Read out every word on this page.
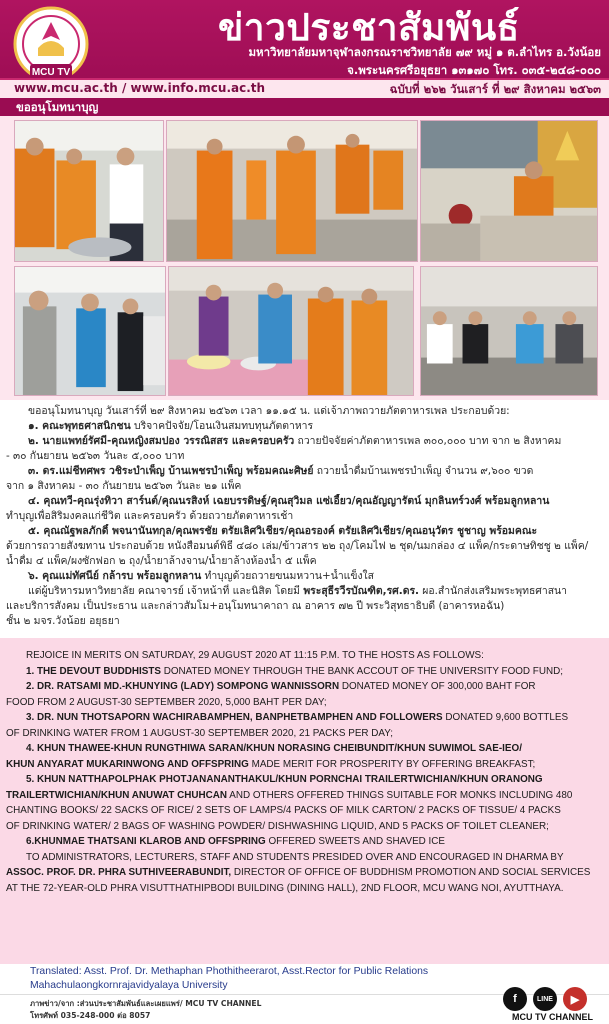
MCU TV
ข่าวประชาสัมพันธ์
มหาวิทยาลัยมหาจุฬาลงกรณราชวิทยาลัย ๗๙ หมู่ ๑ ต.ลำไทร อ.วังน้อย
จ.พระนครศรีอยุธยา ๑๓๑๗๐ โทร. ๐๓๕-๒๔๘-๐๐๐
www.mcu.ac.th / www.info.mcu.ac.th	ฉบับที่ ๒๖๒ วันเสาร์ ที่ ๒๙ สิงหาคม ๒๕๖๓
ขออนุโมทนาบุญ

ขออนุโมทนาบุญ วันเสาร์ที่ ๒๙ สิงหาคม ๒๕๖๓ เวลา ๑๑.๑๕ น. แด่เจ้าภาพถวายภัตตาหารเพล ประกอบด้วย:

๑. คณะพุทธศาสนิกชน บริจาคปัจจัย/โอนเงินสมทบทุนภัตตาหาร

๒. นายแพทย์รัศมี-คุณหญิงสมปอง วรรณิสสร และครอบครัว ถวายปัจจัยค่าภัตตาหารเพล ๓๐๐,๐๐๐ บาท จาก ๒ สิงหาคม

- ๓๐ กันยายน ๒๕๖๓ วันละ ๕,๐๐๐ บาท

๓. ดร.แม่ชีทศพร วชิระบำเพ็ญ บ้านเพชรบำเพ็ญ พร้อมคณะศิษย์ ถวายน้ำดื่มบ้านเพชรบำเพ็ญ จำนวน ๙,๖๐๐ ขวด

จาก ๑ สิงหาคม - ๓๐ กันยายน ๒๕๖๓ วันละ ๒๑ แพ็ค

๔. คุณทวี-คุณรุ่งทิวา สาร์นต์/คุณนรสิงห์ เฉยบรรดิษฐ์/คุณสุวิมล แซ่เอี้ยว/คุณอัญญารัตน์ มุกลินทร์วงศ์ พร้อมลูกหลาน

ทำบุญเพื่อสิริมงคลแก่ชีวิต และครอบครัว ด้วยถวายภัตตาหารเช้า

๕. คุณณัฐพลภักดิ์ พจนานันทกุล/คุณพรชัย ตรัยเลิศวิเชียร/คุณอรองค์ ตรัยเลิศวิเชียร/คุณอนุวัตร ชูชาญ พร้อมคณะ

ด้วยการถวายสังฆทาน ประกอบด้วย หนังสือมนต์พิธี ๔๘๐ เล่ม/ข้าวสาร ๒๒ ถุง/โคมไฟ ๒ ชุด/นมกล่อง ๔ แพ็ค/กระดาษทิชชู ๒ แพ็ค/

น้ำดื่ม ๔ แพ็ค/ผงซักฟอก ๒ ถุง/น้ำยาล้างจาน/น้ำยาล้างห้องน้ำ ๕ แพ็ค

๖. คุณแม่ทัศนีย์ กล้ารบ พร้อมลูกหลาน ทำบุญด้วยถวายขนมหวาน+น้ำแข็งใส

แด่ผู้บริหารมหาวิทยาลัย คณาจารย์ เจ้าหน้าที่ และนิสิต โดยมี พระสุธีรวีรบัณฑิต,รศ.ดร. ผอ.สำนักส่งเสริมพระพุทธศาสนา

และบริการสังคม เป็นประธาน และกล่าวสัมโม+อนุโมทนาคาถา ณ อาคาร ๗๒ ปี พระวิสุทธาธิบดี (อาคารหอฉัน)

ชั้น ๒ มจร.วังน้อย อยุธยา

REJOICE IN MERITS ON SATURDAY, 29 AUGUST 2020 AT 11:15 P.M. TO THE HOSTS AS FOLLOWS:

1. THE DEVOUT BUDDHISTS DONATED MONEY THROUGH THE BANK ACCOUT OF THE UNIVERSITY FOOD FUND;

2. DR. RATSAMI MD.-KHUNYING (LADY) SOMPONG WANNISSORN DONATED MONEY OF 300,000 BAHT FOR

FOOD FROM 2 AUGUST-30 SEPTEMBER 2020, 5,000 BAHT PER DAY;

3. DR. NUN THOTSAPORN WACHIRABAMPHEN, BANPHETBAMPHEN AND FOLLOWERS DONATED 9,600 BOTTLES

OF DRINKING WATER FROM 1 AUGUST-30 SEPTEMBER 2020, 21 PACKS PER DAY;

4. KHUN THAWEE-KHUN RUNGTHIWA SARAN/KHUN NORASING CHEIBUNDIT/KHUN SUWIMOL SAE-IEO/

KHUN ANYARAT MUKARINWONG AND OFFSPRING MADE MERIT FOR PROSPERITY BY OFFERING BREAKFAST;

5. KHUN NATTHAPOLPHAK PHOTJANANANTHAKUL/KHUN PORNCHAI TRAILERTWICHIAN/KHUN ORANONG

TRAILERTWICHIAN/KHUN ANUWAT CHUHCAN AND OTHERS OFFERED THINGS SUITABLE FOR MONKS INCLUDING 480

CHANTING BOOKS/ 22 SACKS OF RICE/ 2 SETS OF LAMPS/4 PACKS OF MILK CARTON/ 2 PACKS OF TISSUE/ 4 PACKS

OF DRINKING WATER/ 2 BAGS OF WASHING POWDER/ DISHWASHING LIQUID, AND 5 PACKS OF TOILET CLEANER;

6.KHUNMAE THATSANI KLAROB AND OFFSPRING OFFERED SWEETS AND SHAVED ICE

TO ADMINISTRATORS, LECTURERS, STAFF AND STUDENTS PRESIDED OVER AND ENCOURAGED IN DHARMA BY

ASSOC. PROF. DR. PHRA SUTHIVEERABUNDIT, DIRECTOR OF OFFICE OF BUDDHISM PROMOTION AND SOCIAL SERVICES

AT THE 72-YEAR-OLD PHRA VISUTTHATHIPBODI BUILDING (DINING HALL), 2ND FLOOR, MCU WANG NOI, AYUTTHAYA.

Translated: Asst. Prof. Dr. Methaphan Phothitheerarot, Asst.Rector for Public Relations
Mahachulaongkornrajavidyalaya University
ภาพข่าว/จาก :ส่วนประชาสัมพันธ์และเผยแพร่/ MCU TV CHANNEL
โทรศัพท์ 035-248-000 ต่อ 8057
f	LINE	▶
MCU TV CHANNEL
